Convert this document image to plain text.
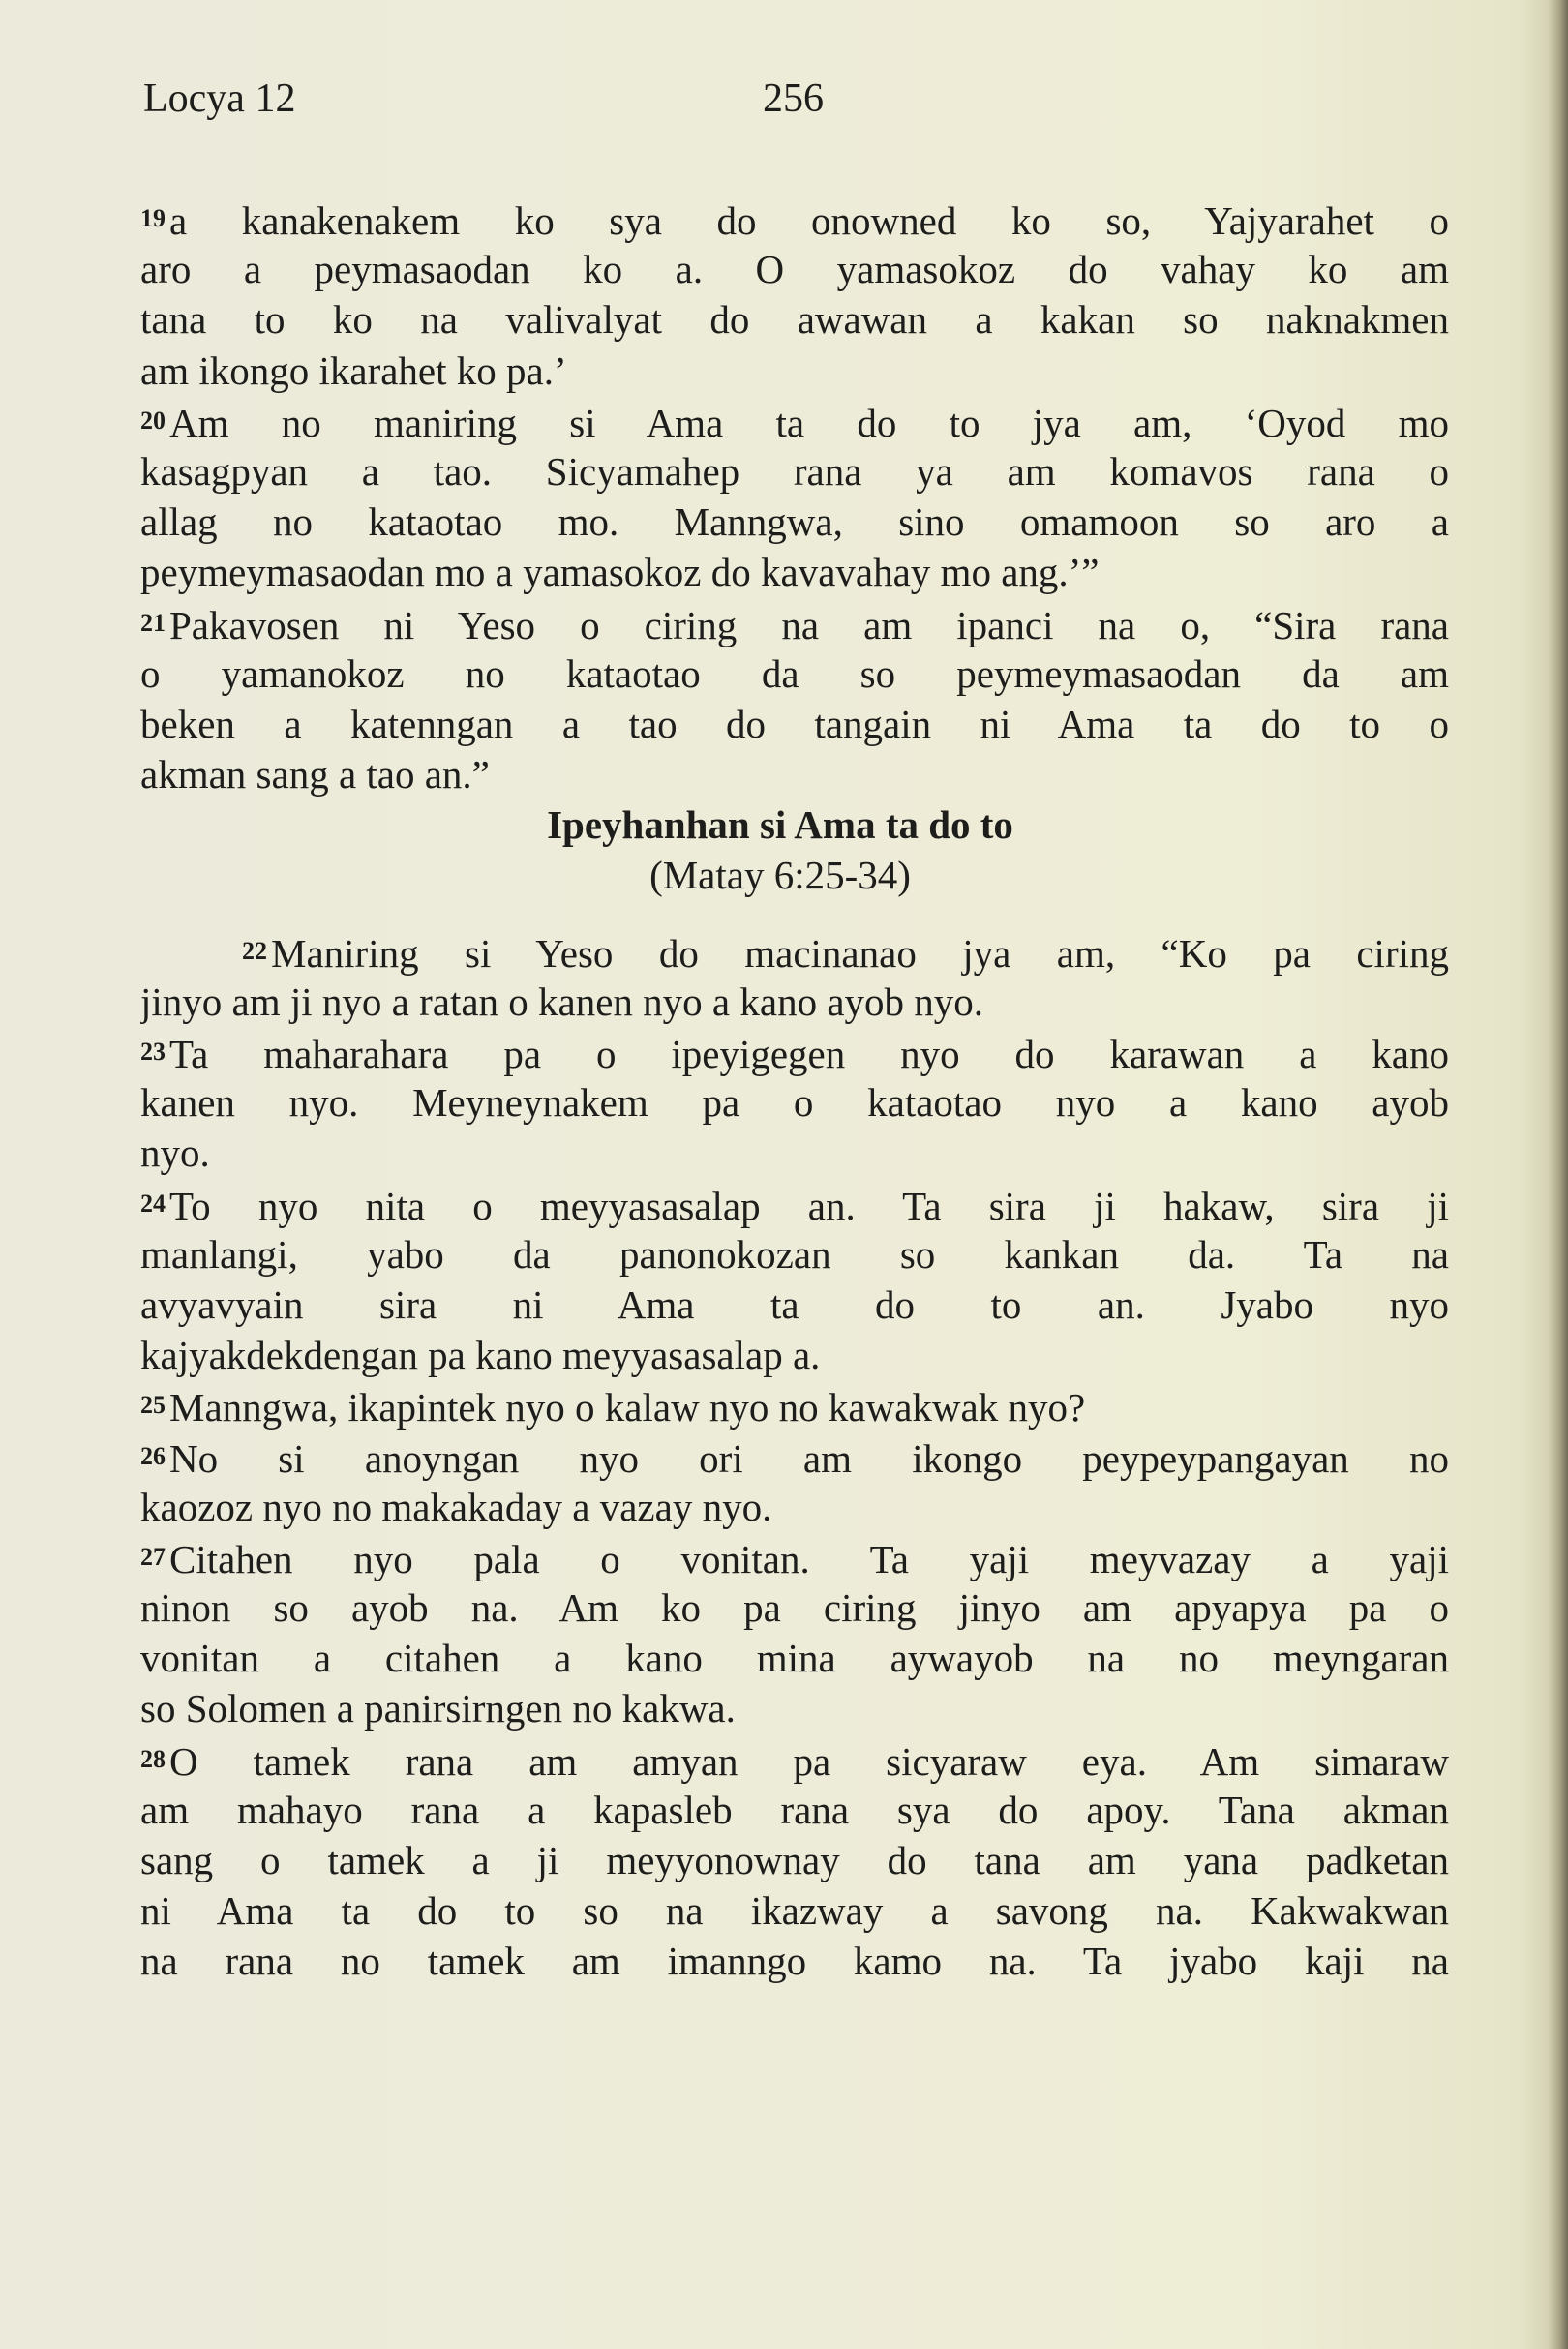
Locya 12	256
19a kanakenakem ko sya do onowned ko so, Yajyarahet o
aro a peymasaodan ko a. O yamasokoz do vahay ko am
tana to ko na valivalyat do awawan a kakan so naknakmen
am ikongo ikarahet ko pa.’
20Am no maniring si Ama ta do to jya am, ‘Oyod mo
kasagpyan a tao. Sicyamahep rana ya am komavos rana o
allag no kataotao mo. Manngwa, sino omamoon so aro a
peymeymasaodan mo a yamasokoz do kavavahay mo ang.’”
21Pakavosen ni Yeso o ciring na am ipanci na o, “Sira rana
o yamanokoz no kataotao da so peymeymasaodan da am
beken a katenngan a tao do tangain ni Ama ta do to o
akman sang a tao an.”
Ipeyhanhan si Ama ta do to
(Matay 6:25-34)
22Maniring si Yeso do macinanao jya am, “Ko pa ciring
jinyo am ji nyo a ratan o kanen nyo a kano ayob nyo.
23Ta maharahara pa o ipeyigegen nyo do karawan a kano
kanen nyo. Meyneynakem pa o kataotao nyo a kano ayob
nyo.
24To nyo nita o meyyasasalap an. Ta sira ji hakaw, sira ji
manlangi, yabo da panonokozan so kankan da. Ta na
avyavyain sira ni Ama ta do to an. Jyabo nyo
kajyakdekdengan pa kano meyyasasalap a.
25Manngwa, ikapintek nyo o kalaw nyo no kawakwak nyo?
26No si anoyngan nyo ori am ikongo peypeypangayan no
kaozoz nyo no makakaday a vazay nyo.
27Citahen nyo pala o vonitan. Ta yaji meyvazay a yaji
ninon so ayob na. Am ko pa ciring jinyo am apyapya pa o
vonitan a citahen a kano mina aywayob na no meyngaran
so Solomen a panirsirngen no kakwa.
28O tamek rana am amyan pa sicyaraw eya. Am simaraw
am mahayo rana a kapasleb rana sya do apoy. Tana akman
sang o tamek a ji meyyonownay do tana am yana padketan
ni Ama ta do to so na ikazway a savong na. Kakwakwan
na rana no tamek am imanngo kamo na. Ta jyabo kaji na
